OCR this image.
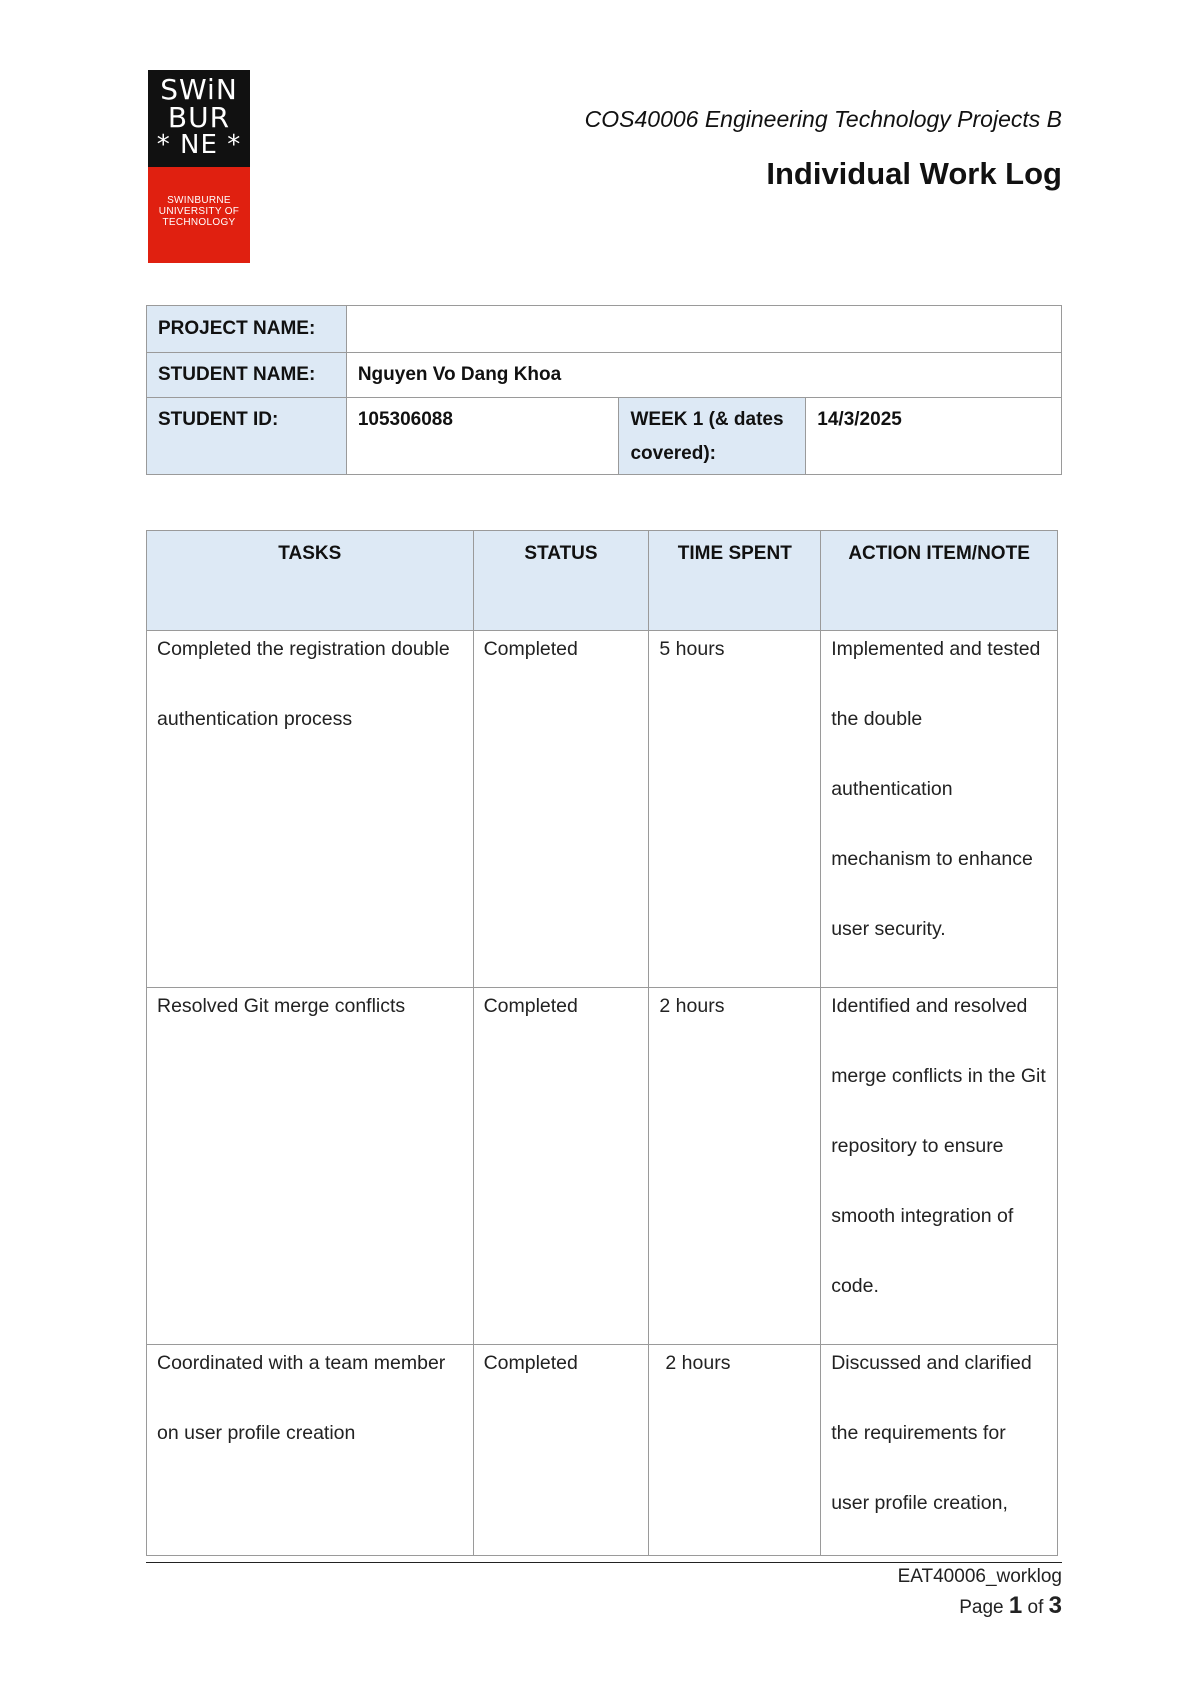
SWiN
BUR
* NE *
SWINBURNE
UNIVERSITY OF
TECHNOLOGY
COS40006 Engineering Technology Projects B
Individual Work Log
PROJECT NAME:			
STUDENT NAME:	Nguyen Vo Dang Khoa		
STUDENT ID:	105306088	WEEK 1 (& dates covered):	14/3/2025
TASKS	STATUS	TIME SPENT	ACTION ITEM/NOTE

Completed the registration double authentication process	Completed	5 hours	Implemented and tested the double authentication mechanism to enhance user security.

Resolved Git merge conflicts	Completed	2 hours	Identified and resolved merge conflicts in the Git repository to ensure smooth integration of code.

Coordinated with a team member on user profile creation	Completed	2 hours	Discussed and clarified the requirements for user profile creation,
EAT40006_worklog
Page 1 of 3
